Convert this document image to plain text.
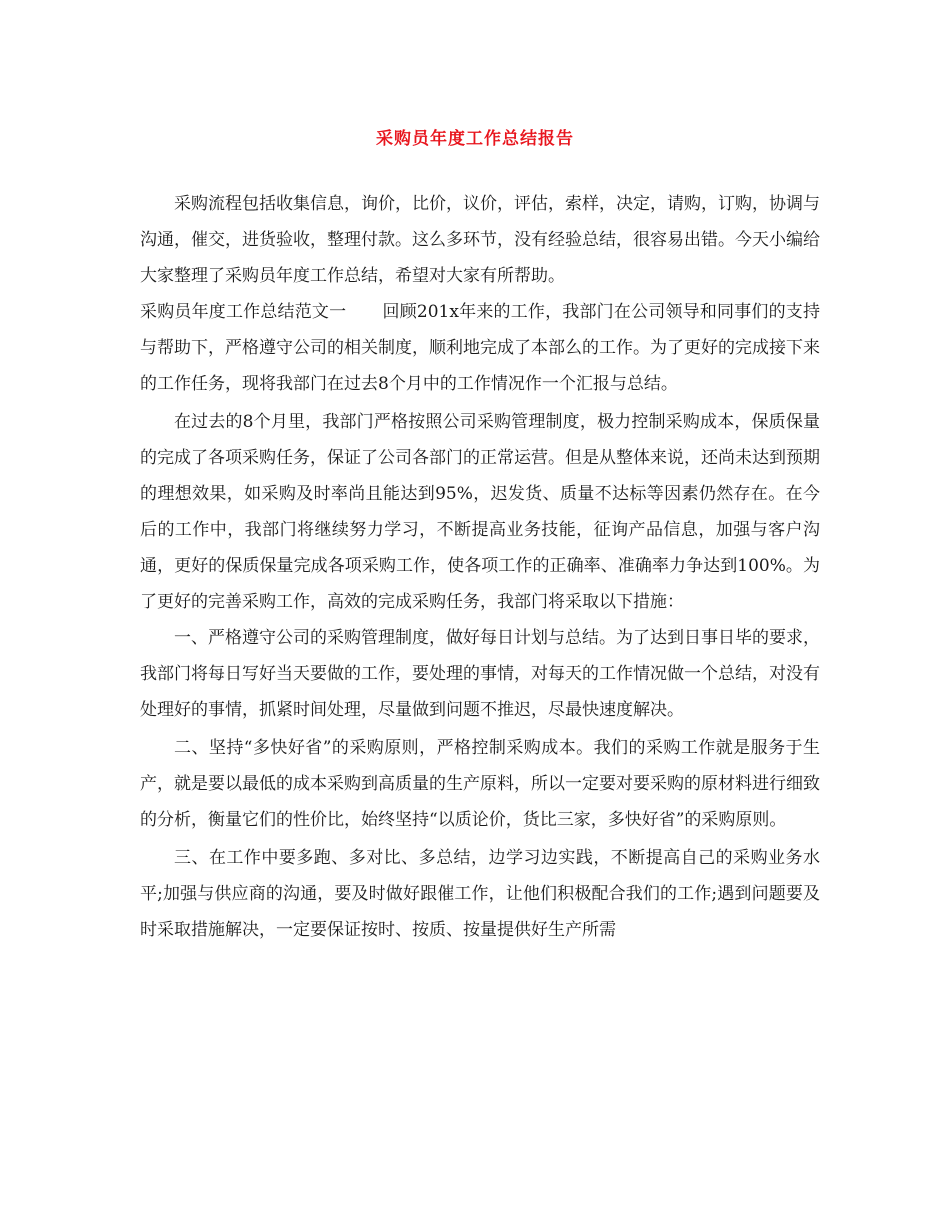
采购员年度工作总结报告

采购流程包括收集信息，询价，比价，议价，评估，索样，决定，请购，订购，协调与沟通，催交，进货验收，整理付款。这么多环节，没有经验总结，很容易出错。今天小编给大家整理了采购员年度工作总结，希望对大家有所帮助。

采购员年度工作总结范文一 回顾201x年来的工作，我部门在公司领导和同事们的支持与帮助下，严格遵守公司的相关制度，顺利地完成了本部么的工作。为了更好的完成接下来的工作任务，现将我部门在过去8个月中的工作情况作一个汇报与总结。

在过去的8个月里，我部门严格按照公司采购管理制度，极力控制采购成本，保质保量的完成了各项采购任务，保证了公司各部门的正常运营。但是从整体来说，还尚未达到预期的理想效果，如采购及时率尚且能达到95%，迟发货、质量不达标等因素仍然存在。在今后的工作中，我部门将继续努力学习，不断提高业务技能，征询产品信息，加强与客户沟通，更好的保质保量完成各项采购工作，使各项工作的正确率、准确率力争达到100%。为了更好的完善采购工作，高效的完成采购任务，我部门将采取以下措施：

一、严格遵守公司的采购管理制度，做好每日计划与总结。为了达到日事日毕的要求，我部门将每日写好当天要做的工作，要处理的事情，对每天的工作情况做一个总结，对没有处理好的事情，抓紧时间处理，尽量做到问题不推迟，尽最快速度解决。

二、坚持“多快好省”的采购原则，严格控制采购成本。我们的采购工作就是服务于生产，就是要以最低的成本采购到高质量的生产原料，所以一定要对要采购的原材料进行细致的分析，衡量它们的性价比，始终坚持“以质论价，货比三家，多快好省”的采购原则。

三、在工作中要多跑、多对比、多总结，边学习边实践，不断提高自己的采购业务水平;加强与供应商的沟通，要及时做好跟催工作，让他们积极配合我们的工作;遇到问题要及时采取措施解决，一定要保证按时、按质、按量提供好生产所需
